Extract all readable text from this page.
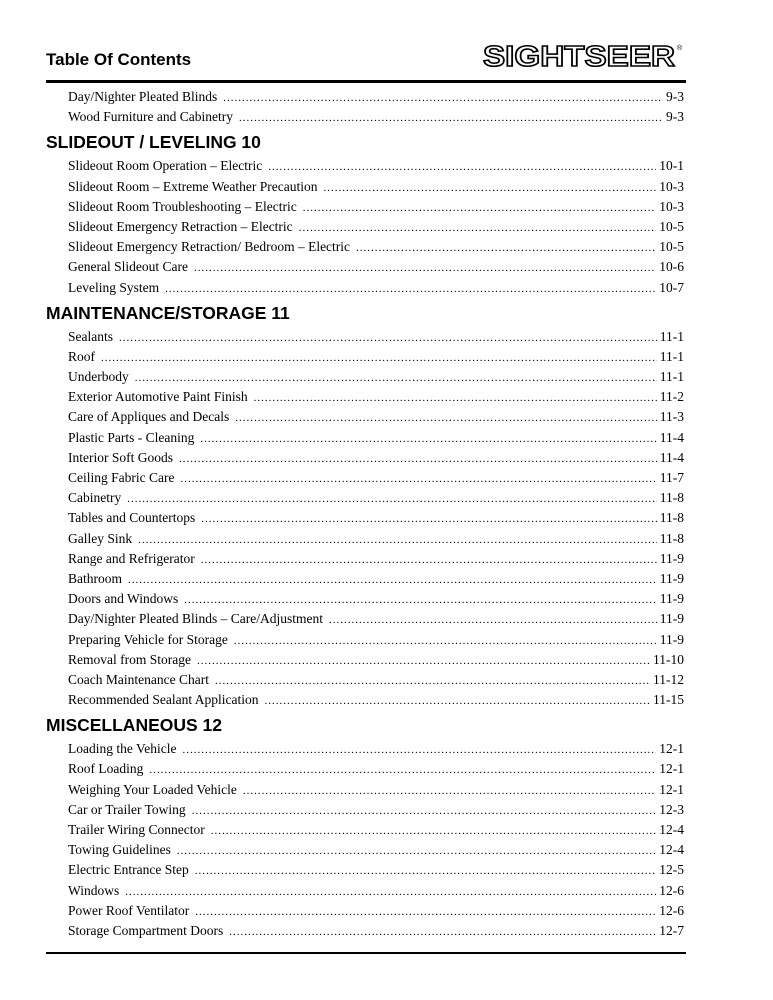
Table Of Contents	SIGHTSEER ®
Day/Nighter Pleated Blinds .....	9-3
Wood Furniture and Cabinetry .....	9-3
SLIDEOUT / LEVELING 10
Slideout Room Operation – Electric .....	10-1
Slideout Room – Extreme Weather Precaution .....	10-3
Slideout Room Troubleshooting – Electric .....	10-3
Slideout Emergency Retraction – Electric .....	10-5
Slideout Emergency Retraction/ Bedroom – Electric .....	10-5
General Slideout Care .....	10-6
Leveling System .....	10-7
MAINTENANCE/STORAGE 11
Sealants .....	11-1
Roof .....	11-1
Underbody .....	11-1
Exterior Automotive Paint Finish .....	11-2
Care of Appliques and Decals .....	11-3
Plastic Parts - Cleaning .....	11-4
Interior Soft Goods .....	11-4
Ceiling Fabric Care .....	11-7
Cabinetry .....	11-8
Tables and Countertops .....	11-8
Galley Sink .....	11-8
Range and Refrigerator .....	11-9
Bathroom .....	11-9
Doors and Windows .....	11-9
Day/Nighter Pleated Blinds – Care/Adjustment .....	11-9
Preparing Vehicle for Storage .....	11-9
Removal from Storage .....	11-10
Coach Maintenance Chart .....	11-12
Recommended Sealant Application .....	11-15
MISCELLANEOUS 12
Loading the Vehicle .....	12-1
Roof Loading .....	12-1
Weighing Your Loaded Vehicle .....	12-1
Car or Trailer Towing .....	12-3
Trailer Wiring Connector .....	12-4
Towing Guidelines .....	12-4
Electric Entrance Step .....	12-5
Windows .....	12-6
Power Roof Ventilator .....	12-6
Storage Compartment Doors .....	12-7
